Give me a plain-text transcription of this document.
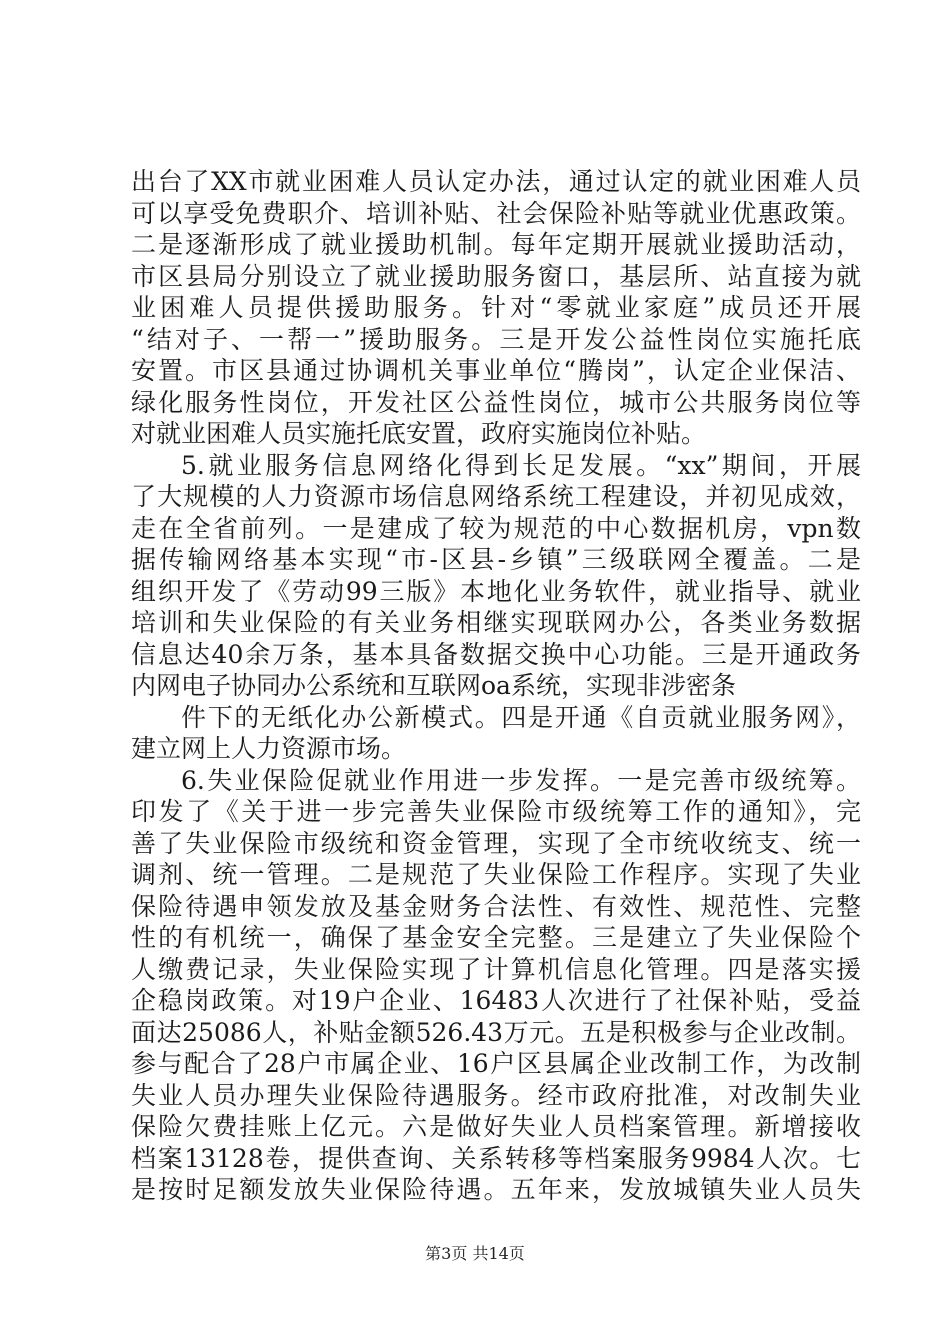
出台了XX市就业困难人员认定办法，通过认定的就业困难人员
可以享受免费职介、培训补贴、社会保险补贴等就业优惠政策。
二是逐渐形成了就业援助机制。每年定期开展就业援助活动，
市区县局分别设立了就业援助服务窗口，基层所、站直接为就
业困难人员提供援助服务。针对“零就业家庭”成员还开展
“结对子、一帮一”援助服务。三是开发公益性岗位实施托底
安置。市区县通过协调机关事业单位“腾岗”，认定企业保洁、
绿化服务性岗位，开发社区公益性岗位，城市公共服务岗位等
对就业困难人员实施托底安置，政府实施岗位补贴。
5.就业服务信息网络化得到长足发展。“xx”期间，开展
了大规模的人力资源市场信息网络系统工程建设，并初见成效，
走在全省前列。一是建成了较为规范的中心数据机房，vpn数
据传输网络基本实现“市-区县-乡镇”三级联网全覆盖。二是
组织开发了《劳动99三版》本地化业务软件，就业指导、就业
培训和失业保险的有关业务相继实现联网办公，各类业务数据
信息达40余万条，基本具备数据交换中心功能。三是开通政务
内网电子协同办公系统和互联网oa系统，实现非涉密条
件下的无纸化办公新模式。四是开通《自贡就业服务网》，
建立网上人力资源市场。
6.失业保险促就业作用进一步发挥。一是完善市级统筹。
印发了《关于进一步完善失业保险市级统筹工作的通知》，完
善了失业保险市级统和资金管理，实现了全市统收统支、统一
调剂、统一管理。二是规范了失业保险工作程序。实现了失业
保险待遇申领发放及基金财务合法性、有效性、规范性、完整
性的有机统一，确保了基金安全完整。三是建立了失业保险个
人缴费记录，失业保险实现了计算机信息化管理。四是落实援
企稳岗政策。对19户企业、16483人次进行了社保补贴，受益
面达25086人，补贴金额526.43万元。五是积极参与企业改制。
参与配合了28户市属企业、16户区县属企业改制工作，为改制
失业人员办理失业保险待遇服务。经市政府批准，对改制失业
保险欠费挂账上亿元。六是做好失业人员档案管理。新增接收
档案13128卷，提供查询、关系转移等档案服务9984人次。七
是按时足额发放失业保险待遇。五年来，发放城镇失业人员失
第3页 共14页
